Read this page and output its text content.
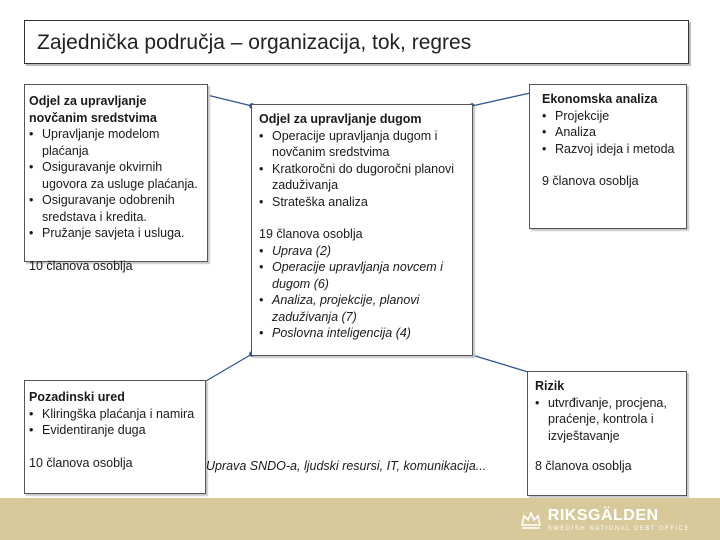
Zajednička područja – organizacija, tok, regres
Odjel za upravljanje
novčanim sredstvima
• Upravljanje modelom plaćanja
• Osiguravanje okvirnih ugovora za usluge plaćanja.
• Osiguravanje odobrenih sredstava i kredita.
• Pružanje savjeta i usluga.
10 članova osoblja
Odjel za upravljanje dugom
• Operacije upravljanja dugom i novčanim sredstvima
• Kratkoročni do dugoročni planovi zaduživanja
• Strateška analiza
19 članova osoblja
• Uprava (2)
• Operacije upravljanja novcem i dugom (6)
• Analiza, projekcije, planovi zaduživanja (7)
• Poslovna inteligencija (4)
Ekonomska analiza
• Projekcije
• Analiza
• Razvoj ideja i metoda
9 članova osoblja
Pozadinski ured
• Kliringška plaćanja i namira
• Evidentiranje duga
10 članova osoblja	Uprava SNDO-a, ljudski resursi, IT, komunikacija...
Rizik
• utvrđivanje, procjena, praćenje, kontrola i izvještavanje
8 članova osoblja
RIKSGÄLDEN
SWEDISH NATIONAL DEBT OFFICE
